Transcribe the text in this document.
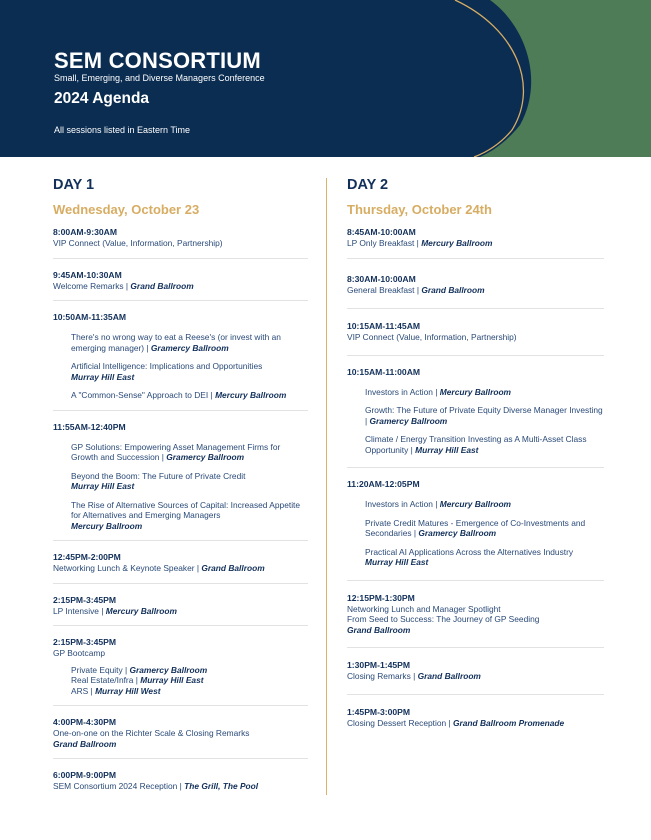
SEM CONSORTIUM
Small, Emerging, and Diverse Managers Conference
2024 Agenda
All sessions listed in Eastern Time
DAY 1
Wednesday, October 23
8:00AM-9:30AM
VIP Connect (Value, Information, Partnership)
9:45AM-10:30AM
Welcome Remarks | Grand Ballroom
10:50AM-11:35AM
There's no wrong way to eat a Reese's (or invest with an emerging manager) | Gramercy Ballroom
Artificial Intelligence: Implications and Opportunities
Murray Hill East
A "Common-Sense" Approach to DEI | Mercury Ballroom
11:55AM-12:40PM
GP Solutions: Empowering Asset Management Firms for Growth and Succession | Gramercy Ballroom
Beyond the Boom: The Future of Private Credit
Murray Hill East
The Rise of Alternative Sources of Capital: Increased Appetite for Alternatives and Emerging Managers
Mercury Ballroom
12:45PM-2:00PM
Networking Lunch & Keynote Speaker | Grand Ballroom
2:15PM-3:45PM
LP Intensive | Mercury Ballroom
2:15PM-3:45PM
GP Bootcamp
Private Equity | Gramercy Ballroom
Real Estate/Infra | Murray Hill East
ARS | Murray Hill West
4:00PM-4:30PM
One-on-one on the Richter Scale & Closing Remarks
Grand Ballroom
6:00PM-9:00PM
SEM Consortium 2024 Reception | The Grill, The Pool
DAY 2
Thursday, October 24th
8:45AM-10:00AM
LP Only Breakfast | Mercury Ballroom
8:30AM-10:00AM
General Breakfast | Grand Ballroom
10:15AM-11:45AM
VIP Connect (Value, Information, Partnership)
10:15AM-11:00AM
Investors in Action | Mercury Ballroom
Growth: The Future of Private Equity Diverse Manager Investing | Gramercy Ballroom
Climate / Energy Transition Investing as A Multi-Asset Class Opportunity | Murray Hill East
11:20AM-12:05PM
Investors in Action | Mercury Ballroom
Private Credit Matures - Emergence of Co-Investments and Secondaries | Gramercy Ballroom
Practical AI Applications Across the Alternatives Industry
Murray Hill East
12:15PM-1:30PM
Networking Lunch and Manager Spotlight
From Seed to Success: The Journey of GP Seeding
Grand Ballroom
1:30PM-1:45PM
Closing Remarks | Grand Ballroom
1:45PM-3:00PM
Closing Dessert Reception | Grand Ballroom Promenade
